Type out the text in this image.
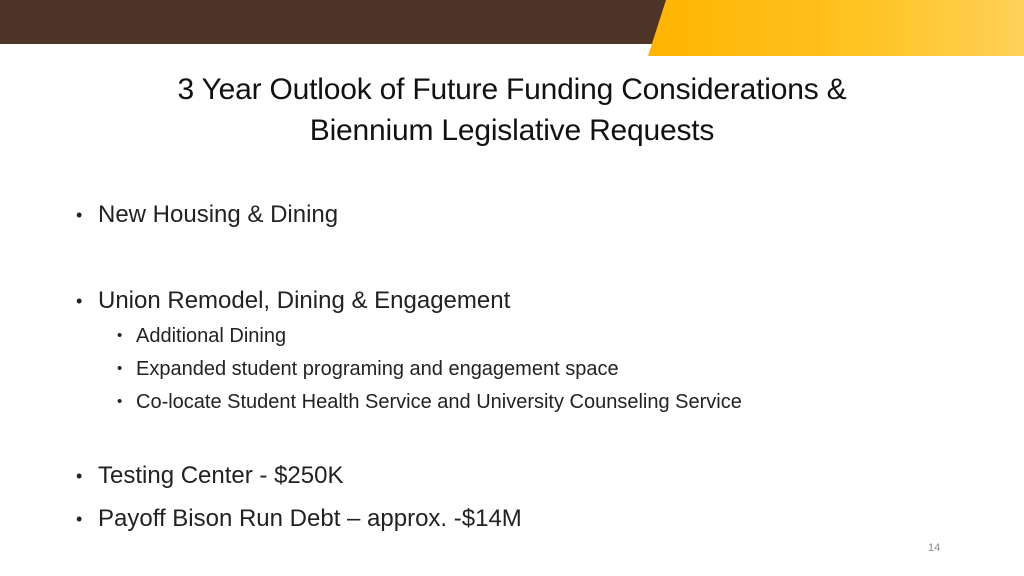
3 Year Outlook of Future Funding Considerations &
Biennium Legislative Requests
• New Housing & Dining
• Union Remodel, Dining & Engagement
• Additional Dining
• Expanded student programing and engagement space
• Co-locate Student Health Service and University Counseling Service
• Testing Center - $250K
• Payoff Bison Run Debt – approx. -$14M
14
